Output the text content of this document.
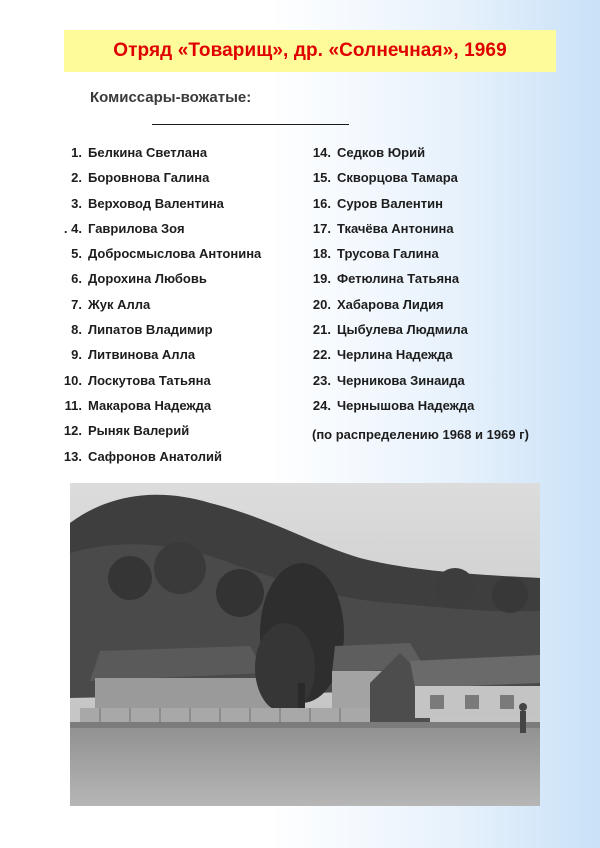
Отряд «Товарищ», др. «Солнечная», 1969
Комиссары-вожатые:
1. Белкина Светлана
2. Боровнова Галина
3. Верховод Валентина
. 4. Гаврилова Зоя
5. Добросмыслова Антонина
6. Дорохина Любовь
7. Жук Алла
8. Липатов Владимир
9. Литвинова Алла
10. Лоскутова Татьяна
11. Макарова Надежда
12. Рыняк Валерий
13. Сафронов Анатолий
14. Седков Юрий
15. Скворцова Тамара
16. Суров Валентин
17. Ткачёва Антонина
18. Трусова Галина
19. Фетюлина Татьяна
20. Хабарова Лидия
21. Цыбулева Людмила
22. Черлина Надежда
23. Черникова Зинаида
24. Чернышова Надежда
(по распределению 1968 и 1969 г)
